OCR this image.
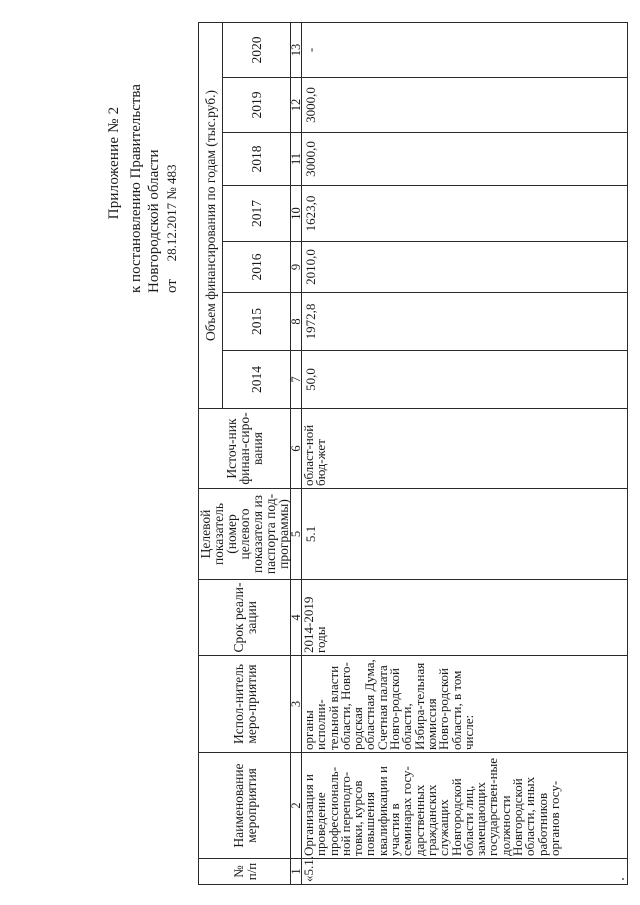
Приложение № 2 к постановлению Правительства Новгородской области от 28.12.2017 № 483
№ п/п	Наименование мероприятия	Испол-нитель меро-приятия	Срок реали-зации	Целевой показатель (номер целевого показателя из паспорта под-программы)	Источ-ник финан-сиро-вания	Объем финансирования по годам (тыс.руб.)						
						2014	2015	2016	2017	2018	2019	2020
1	2	3	4	5	6	7	8	9	10	11	12	13
«5.1.	Организация и проведение профессиональ-ной переподго-товки, курсов повышения квалификации и участия в семинарах госу-дарственных гражданских служащих Новгородской области лиц, замещающих государствен-ные должности Новгородской области, иных работников органов госу-	органы исполни-тельной власти области, Новго-родская областная Дума, Счетная палата Новго-родской области, Избира-тельная комиссия Новго-родской области, в том числе:	2014-2019 годы	5.1	област-ной бюд-жет	50,0	1972,8	2010,0	1623,0	3000,0	3000,0	-
